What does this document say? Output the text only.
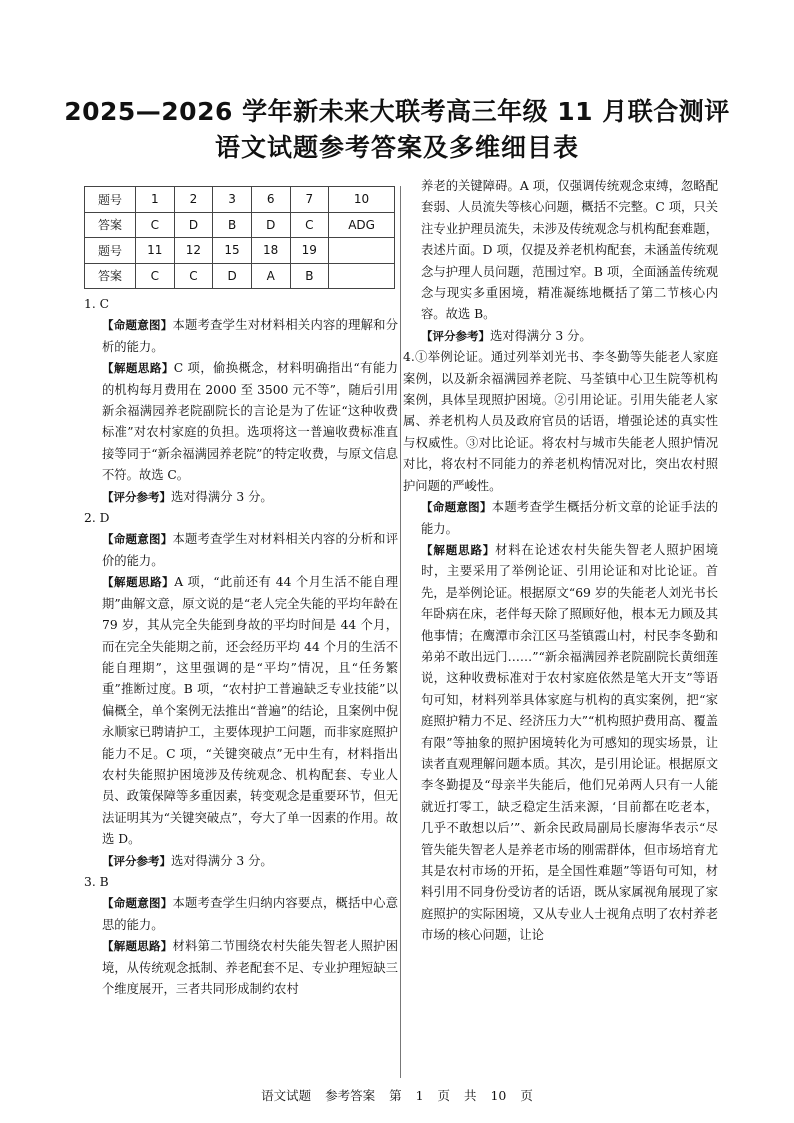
2025—2026 学年新未来大联考高三年级 11 月联合测评
语文试题参考答案及多维细目表
题号	1	2	3	6	7	10
答案	C	D	B	D	C	ADG
题号	11	12	15	18	19	
答案	C	C	D	A	B	

1. C

【命题意图】本题考查学生对材料相关内容的理解和分析的能力。

【解题思路】C 项，偷换概念，材料明确指出“有能力的机构每月费用在 2000 至 3500 元不等”，随后引用新余福满园养老院副院长的言论是为了佐证“这种收费标准”对农村家庭的负担。选项将这一普遍收费标准直接等同于“新余福满园养老院”的特定收费，与原文信息不符。故选 C。

【评分参考】选对得满分 3 分。

2. D

【命题意图】本题考查学生对材料相关内容的分析和评价的能力。

【解题思路】A 项，“此前还有 44 个月生活不能自理期”曲解文意，原文说的是“老人完全失能的平均年龄在 79 岁，其从完全失能到身故的平均时间是 44 个月，而在完全失能期之前，还会经历平均 44 个月的生活不能自理期”，这里强调的是“平均”情况，且“任务繁重”推断过度。B 项，“农村护工普遍缺乏专业技能”以偏概全，单个案例无法推出“普遍”的结论，且案例中倪永顺家已聘请护工，主要体现护工问题，而非家庭照护能力不足。C 项，“关键突破点”无中生有，材料指出农村失能照护困境涉及传统观念、机构配套、专业人员、政策保障等多重因素，转变观念是重要环节，但无法证明其为“关键突破点”，夸大了单一因素的作用。故选 D。

【评分参考】选对得满分 3 分。

3. B

【命题意图】本题考查学生归纳内容要点，概括中心意思的能力。

【解题思路】材料第二节围绕农村失能失智老人照护困境，从传统观念抵制、养老配套不足、专业护理短缺三个维度展开，三者共同形成制约农村

养老的关键障碍。A 项，仅强调传统观念束缚，忽略配套弱、人员流失等核心问题，概括不完整。C 项，只关注专业护理员流失，未涉及传统观念与机构配套难题，表述片面。D 项，仅提及养老机构配套，未涵盖传统观念与护理人员问题，范围过窄。B 项，全面涵盖传统观念与现实多重困境，精准凝练地概括了第二节核心内容。故选 B。

【评分参考】选对得满分 3 分。

4.①举例论证。通过列举刘光书、李冬勤等失能老人家庭案例，以及新余福满园养老院、马荃镇中心卫生院等机构案例，具体呈现照护困境。②引用论证。引用失能老人家属、养老机构人员及政府官员的话语，增强论述的真实性与权威性。③对比论证。将农村与城市失能老人照护情况对比，将农村不同能力的养老机构情况对比，突出农村照护问题的严峻性。

【命题意图】本题考查学生概括分析文章的论证手法的能力。

【解题思路】材料在论述农村失能失智老人照护困境时，主要采用了举例论证、引用论证和对比论证。首先，是举例论证。根据原文“69 岁的失能老人刘光书长年卧病在床，老伴每天除了照顾好他，根本无力顾及其他事情；在鹰潭市余江区马荃镇霞山村，村民李冬勤和弟弟不敢出远门……”“新余福满园养老院副院长黄细莲说，这种收费标准对于农村家庭依然是笔大开支”等语句可知，材料列举具体家庭与机构的真实案例，把“家庭照护精力不足、经济压力大”“机构照护费用高、覆盖有限”等抽象的照护困境转化为可感知的现实场景，让读者直观理解问题本质。其次，是引用论证。根据原文李冬勤提及“母亲半失能后，他们兄弟两人只有一人能就近打零工，缺乏稳定生活来源，‘目前都在吃老本，几乎不敢想以后’”、新余民政局副局长廖海华表示“尽管失能失智老人是养老市场的刚需群体，但市场培育尤其是农村市场的开拓，是全国性难题”等语句可知，材料引用不同身份受访者的话语，既从家属视角展现了家庭照护的实际困境，又从专业人士视角点明了农村养老市场的核心问题，让论

语文试题 参考答案 第 1 页 共 10 页
